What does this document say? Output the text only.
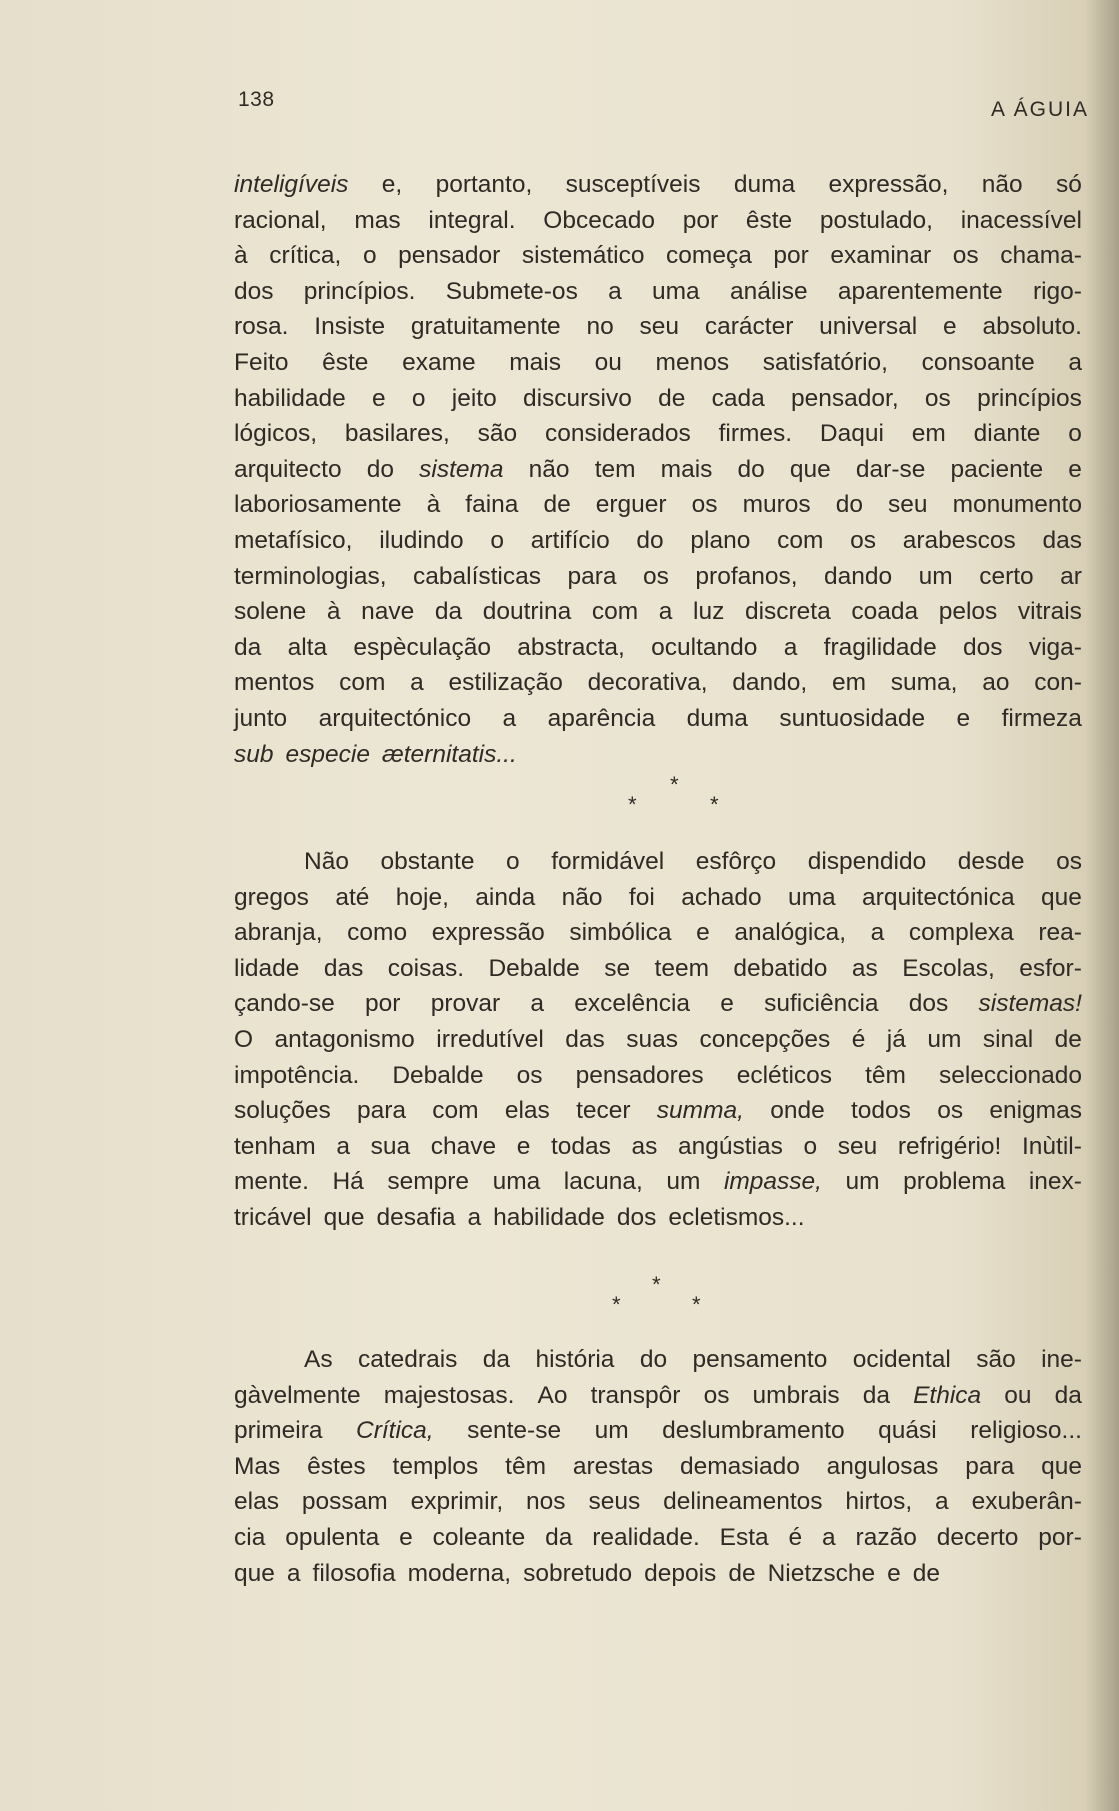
138	A ÁGUIA
inteligíveis e, portanto, susceptíveis duma expressão, não só
racional, mas integral. Obcecado por êste postulado, inacessível
à crítica, o pensador sistemático começa por examinar os chama-
dos princípios. Submete-os a uma análise aparentemente rigo-
rosa. Insiste gratuitamente no seu carácter universal e absoluto.
Feito êste exame mais ou menos satisfatório, consoante a
habilidade e o jeito discursivo de cada pensador, os princípios
lógicos, basilares, são considerados firmes. Daqui em diante o
arquitecto do sistema não tem mais do que dar-se paciente e
laboriosamente à faina de erguer os muros do seu monumento
metafísico, iludindo o artifício do plano com os arabescos das
terminologias, cabalísticas para os profanos, dando um certo ar
solene à nave da doutrina com a luz discreta coada pelos vitrais
da alta espèculação abstracta, ocultando a fragilidade dos viga-
mentos com a estilização decorativa, dando, em suma, ao con-
junto arquitectónico a aparência duma suntuosidade e firmeza
sub especie æternitatis...
*
*	*
Não obstante o formidável esfôrço dispendido desde os
gregos até hoje, ainda não foi achado uma arquitectónica que
abranja, como expressão simbólica e analógica, a complexa rea-
lidade das coisas. Debalde se teem debatido as Escolas, esfor-
çando-se por provar a excelência e suficiência dos sistemas!
O antagonismo irredutível das suas concepções é já um sinal de
impotência. Debalde os pensadores ecléticos têm seleccionado
soluções para com elas tecer summa, onde todos os enigmas
tenham a sua chave e todas as angústias o seu refrigério! Inùtil-
mente. Há sempre uma lacuna, um impasse, um problema inex-
tricável que desafia a habilidade dos ecletismos...
*
*	*
As catedrais da história do pensamento ocidental são ine-
gàvelmente majestosas. Ao transpôr os umbrais da Ethica ou da
primeira Crítica, sente-se um deslumbramento quási religioso...
Mas êstes templos têm arestas demasiado angulosas para que
elas possam exprimir, nos seus delineamentos hirtos, a exuberân-
cia opulenta e coleante da realidade. Esta é a razão decerto por-
que a filosofia moderna, sobretudo depois de Nietzsche e de
